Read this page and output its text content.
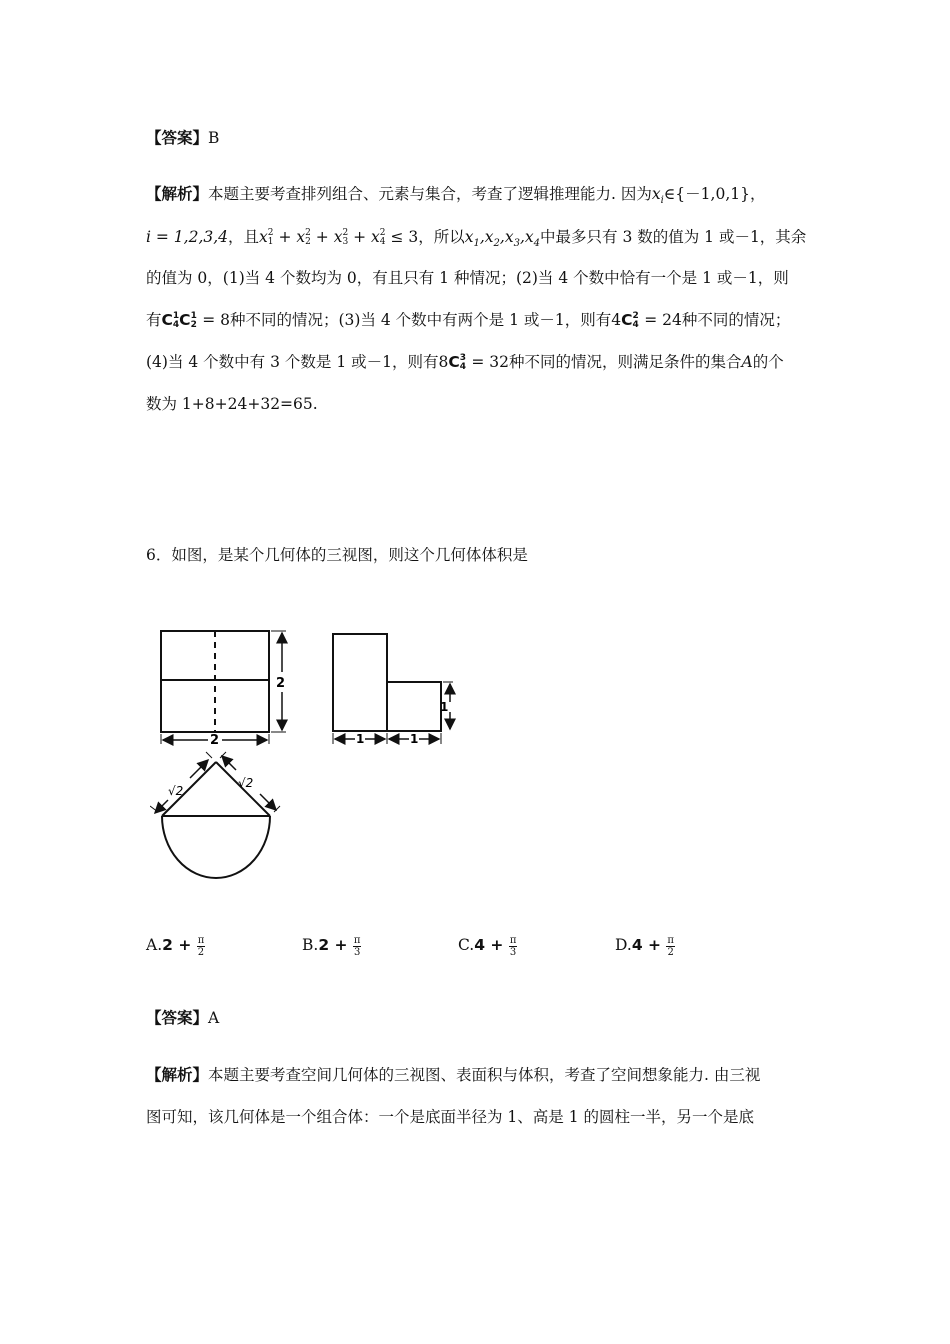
【答案】B
【解析】本题主要考查排列组合、元素与集合，考查了逻辑推理能力. 因为$x_i\in\{-1,0,1\}$，
i = 1,2,3,4，且x 2
1 + x 2
2 + x 2
3 + x 2
4 ≤ 3，所以$x_1,x_2,x_3,x_4$中最多只有 3 数的值为 1 或－1，其余
的值为 0，(1)当 4 个数均为 0，有且只有 1 种情况；(2)当 4 个数中恰有一个是 1 或－1，则
有C 1
4 C 1
2 = 8种不同的情况；(3)当 4 个数中有两个是 1 或－1，则有4C 2
4 = 24种不同的情况；
(4)当 4 个数中有 3 个数是 1 或－1，则有8C 3
4 = 32种不同的情况，则满足条件的集合A的个
数为 1+8+24+32=65.
6．如图，是某个几何体的三视图，则这个几何体体积是
2
2
1	1
1
√2
√2
$A.2 + \frac{\pi}{2}$	$B.2 + \frac{\pi}{3}$	$C.4 + \frac{\pi}{3}$	$D.4 + \frac{\pi}{2}$
【答案】A
【解析】本题主要考查空间几何体的三视图、表面积与体积，考查了空间想象能力. 由三视
图可知，该几何体是一个组合体：一个是底面半径为 1、高是 1 的圆柱一半，另一个是底
